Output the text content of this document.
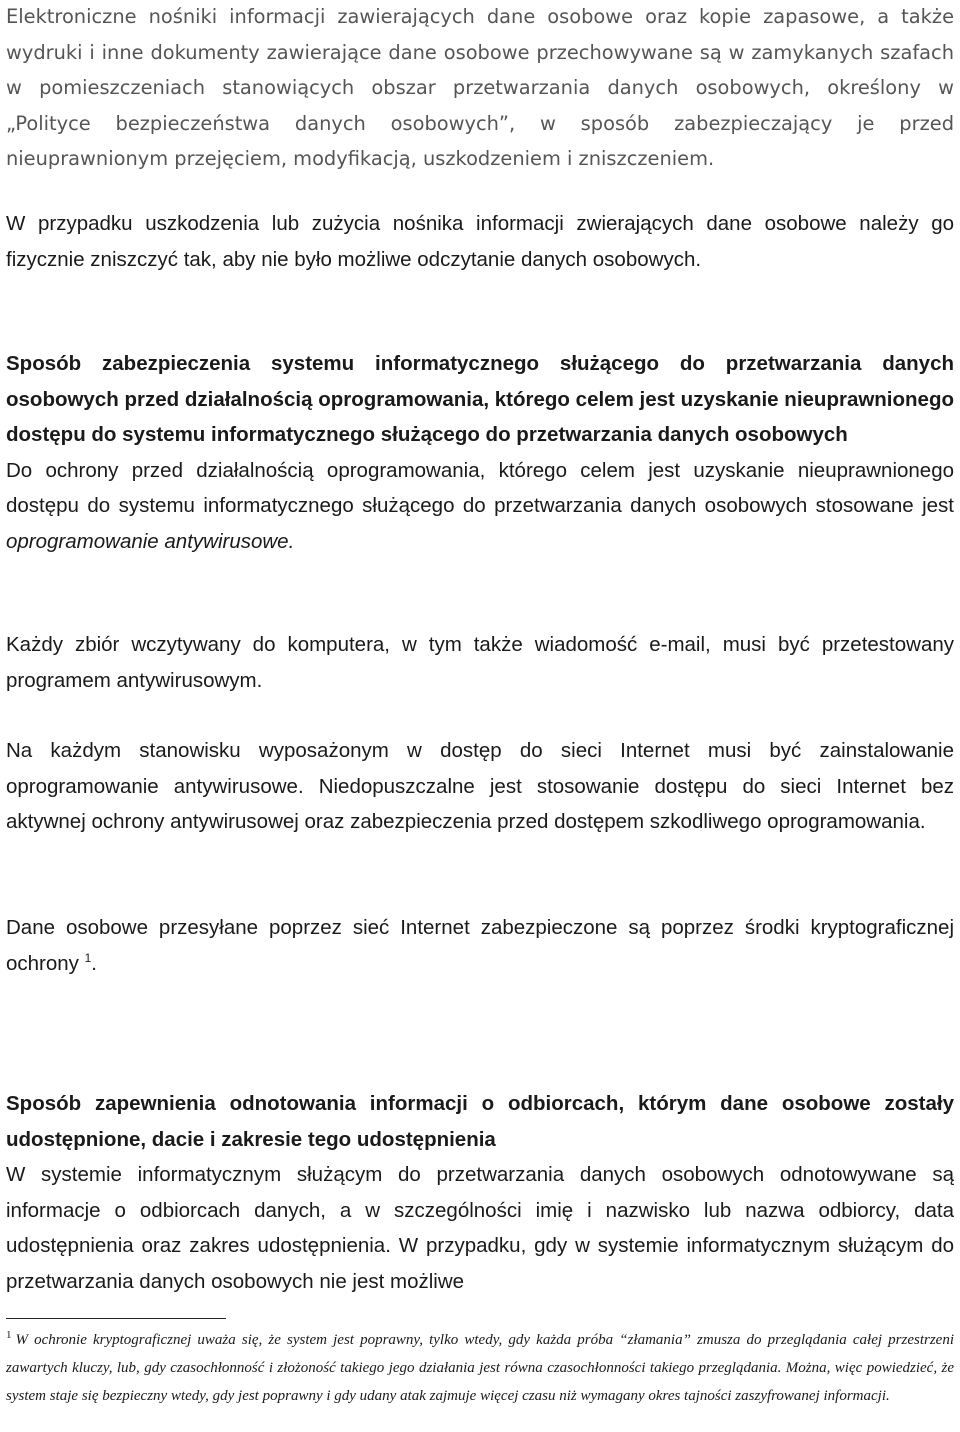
Elektroniczne nośniki informacji zawierających dane osobowe oraz kopie zapasowe, a także wydruki i inne dokumenty zawierające dane osobowe przechowywane są w zamykanych szafach w pomieszczeniach stanowiących obszar przetwarzania danych osobowych, określony w „Polityce bezpieczeństwa danych osobowych”, w sposób zabezpieczający je przed nieuprawnionym przejęciem, modyfikacją, uszkodzeniem i zniszczeniem.

W przypadku uszkodzenia lub zużycia nośnika informacji zwierających dane osobowe należy go fizycznie zniszczyć tak, aby nie było możliwe odczytanie danych osobowych.

Sposób zabezpieczenia systemu informatycznego służącego do przetwarzania danych osobowych przed działalnością oprogramowania, którego celem jest uzyskanie nieuprawnionego dostępu do systemu informatycznego służącego do przetwarzania danych osobowych
Do ochrony przed działalnością oprogramowania, którego celem jest uzyskanie nieuprawnionego dostępu do systemu informatycznego służącego do przetwarzania danych osobowych stosowane jest oprogramowanie antywirusowe.

Każdy zbiór wczytywany do komputera, w tym także wiadomość e-mail, musi być przetestowany programem antywirusowym.

Na każdym stanowisku wyposażonym w dostęp do sieci Internet musi być zainstalowanie oprogramowanie antywirusowe. Niedopuszczalne jest stosowanie dostępu do sieci Internet bez aktywnej ochrony antywirusowej oraz zabezpieczenia przed dostępem szkodliwego oprogramowania.

Dane osobowe przesyłane poprzez sieć Internet zabezpieczone są poprzez środki kryptograficznej ochrony $^1$.

Sposób zapewnienia odnotowania informacji o odbiorcach, którym dane osobowe zostały udostępnione, dacie i zakresie tego udostępnienia
W systemie informatycznym służącym do przetwarzania danych osobowych odnotowywane są informacje o odbiorcach danych, a w szczególności imię i nazwisko lub nazwa odbiorcy, data udostępnienia oraz zakres udostępnienia. W przypadku, gdy w systemie informatycznym służącym do przetwarzania danych osobowych nie jest możliwe

$^1$ W ochronie kryptograficznej uważa się, że system jest poprawny, tylko wtedy, gdy każda próba “złamania” zmusza do przeglądania całej przestrzeni zawartych kluczy, lub, gdy czasochłonność i złożoność takiego jego działania jest równa czasochłonności takiego przeglądania. Można, więc powiedzieć, że system staje się bezpieczny wtedy, gdy jest poprawny i gdy udany atak zajmuje więcej czasu niż wymagany okres tajności zaszyfrowanej informacji.
